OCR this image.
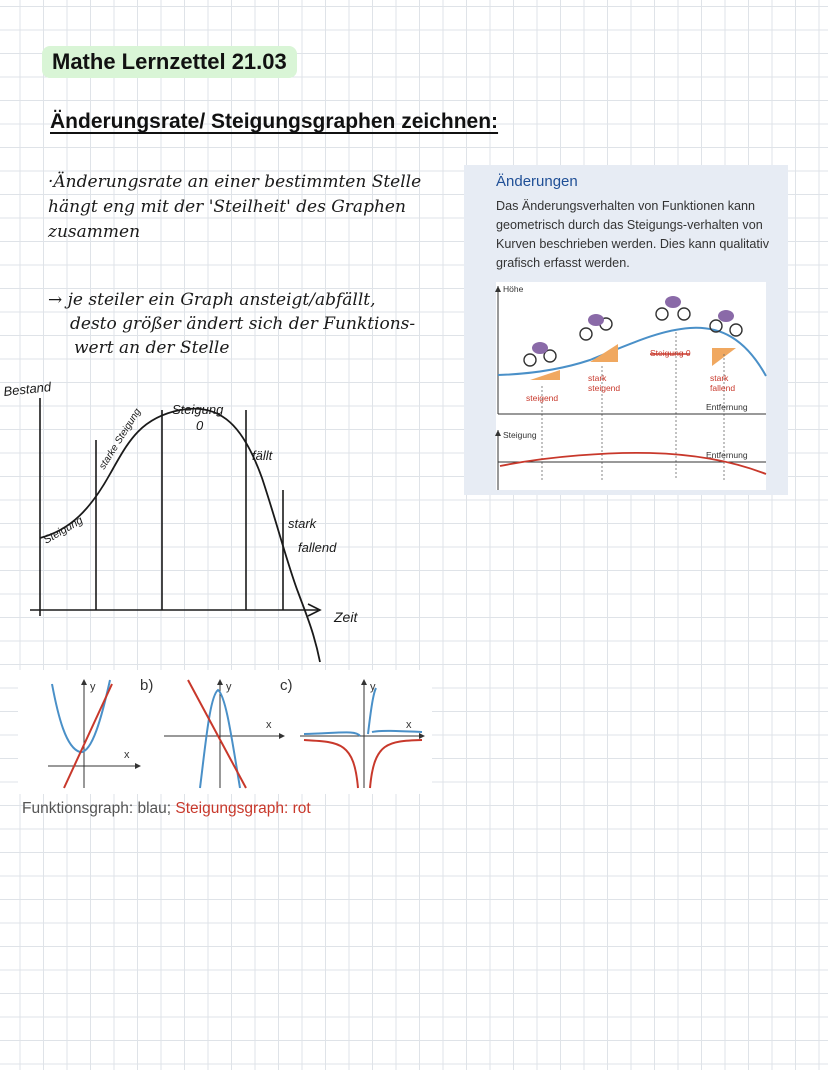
Mathe Lernzettel 21.03
Änderungsrate/ Steigungsgraphen zeichnen:
·Änderungsrate an einer bestimmten Stelle
hängt eng mit der 'Steilheit' des Graphen
zusammen
→ je steiler ein Graph ansteigt/abfällt,
desto größer ändert sich der Funktions-
wert an der Stelle
Bestand
Steigung
starke Steigung Steigung
0
fällt
stark
fallend
Zeit
Änderungen
Das Änderungsverhalten von Funktionen kann geometrisch durch das Steigungs-verhalten von Kurven beschrieben werden. Dies kann qualitativ grafisch erfasst werden.
Höhe
steigend
stark
steigend
Steigung 0
stark
fallend
Entfernung
Steigung
Entfernung
y
x
b)	y
x
c)	y
x
Funktionsgraph: blau; Steigungsgraph: rot
